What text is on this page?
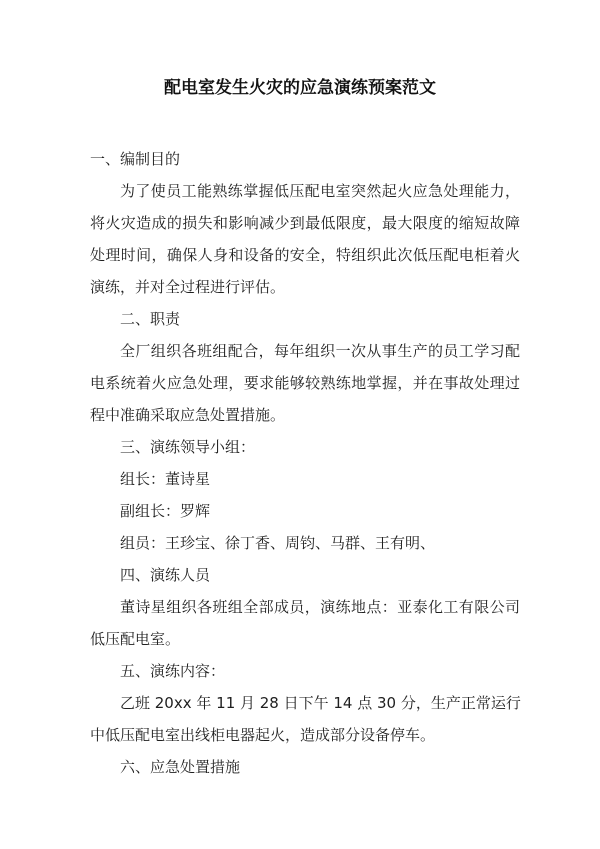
配电室发生火灾的应急演练预案范文
一、编制目的
为了使员工能熟练掌握低压配电室突然起火应急处理能力，
将火灾造成的损失和影响减少到最低限度，最大限度的缩短故障
处理时间，确保人身和设备的安全，特组织此次低压配电柜着火
演练，并对全过程进行评估。
二、职责
全厂组织各班组配合，每年组织一次从事生产的员工学习配
电系统着火应急处理，要求能够较熟练地掌握，并在事故处理过
程中准确采取应急处置措施。
三、演练领导小组：
组长：董诗星
副组长：罗辉
组员：王珍宝、徐丁香、周钧、马群、王有明、
四、演练人员
董诗星组织各班组全部成员，演练地点：亚泰化工有限公司
低压配电室。
五、演练内容：
乙班 20xx 年 11 月 28 日下午 14 点 30 分，生产正常运行
中低压配电室出线柜电器起火，造成部分设备停车。
六、应急处置措施
